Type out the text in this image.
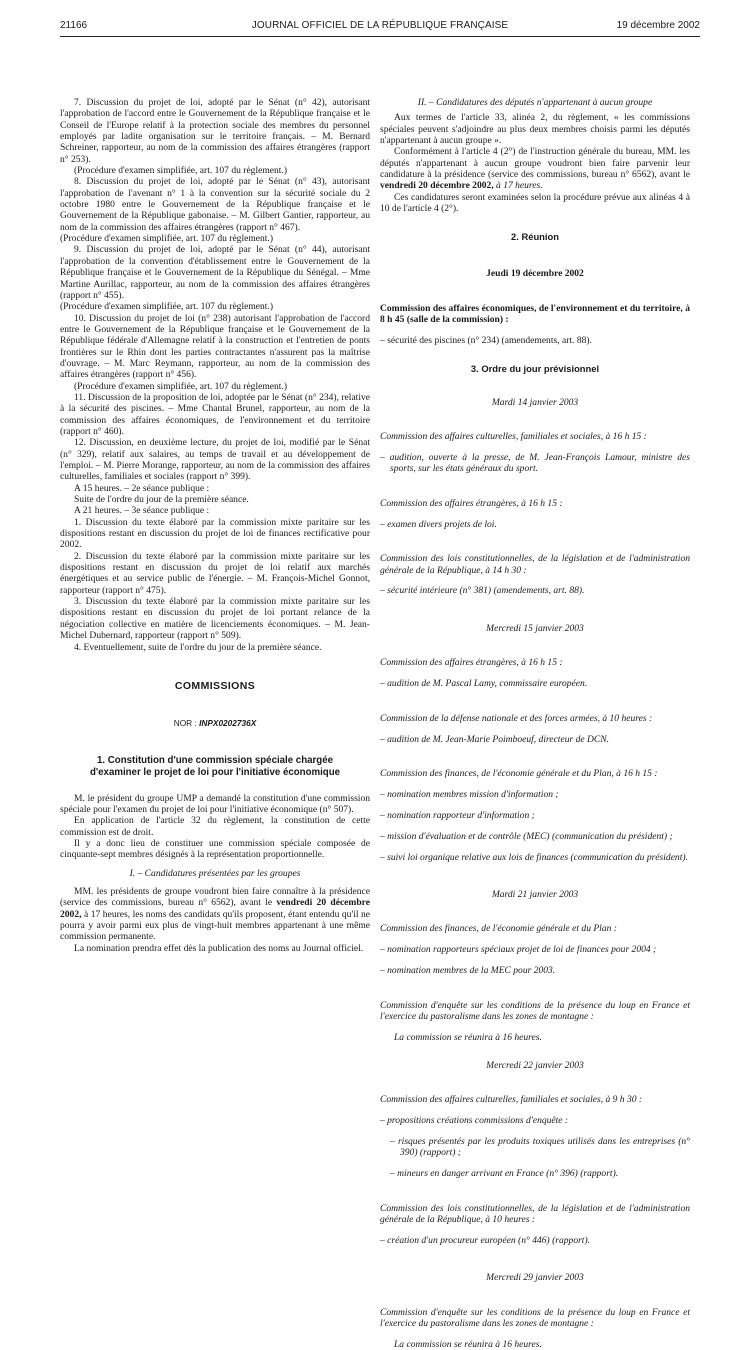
21166	JOURNAL OFFICIEL DE LA RÉPUBLIQUE FRANÇAISE	19 décembre 2002

7. Discussion du projet de loi, adopté par le Sénat (n° 42), autorisant l'approbation de l'accord entre le Gouvernement de la République française et le Conseil de l'Europe relatif à la protection sociale des membres du personnel employés par ladite organisation sur le territoire français. – M. Bernard Schreiner, rapporteur, au nom de la commission des affaires étrangères (rapport n° 253).

(Procédure d'examen simplifiée, art. 107 du règlement.)

8. Discussion du projet de loi, adopté par le Sénat (n° 43), autorisant l'approbation de l'avenant n° 1 à la convention sur la sécurité sociale du 2 octobre 1980 entre le Gouvernement de la République française et le Gouvernement de la République gabonaise. – M. Gilbert Gantier, rapporteur, au nom de la commission des affaires étrangères (rapport n° 467).

(Procédure d'examen simplifiée, art. 107 du règlement.)

9. Discussion du projet de loi, adopté par le Sénat (n° 44), autorisant l'approbation de la convention d'établissement entre le Gouvernement de la République française et le Gouvernement de la République du Sénégal. – Mme Martine Aurillac, rapporteur, au nom de la commission des affaires étrangères (rapport n° 455).

(Procédure d'examen simplifiée, art. 107 du règlement.)

10. Discussion du projet de loi (n° 238) autorisant l'approbation de l'accord entre le Gouvernement de la République française et le Gouvernement de la République fédérale d'Allemagne relatif à la construction et l'entretien de ponts frontières sur le Rhin dont les parties contractantes n'assurent pas la maîtrise d'ouvrage. – M. Marc Reymann, rapporteur, au nom de la commission des affaires étrangères (rapport n° 456).

(Procédure d'examen simplifiée, art. 107 du règlement.)

11. Discussion de la proposition de loi, adoptée par le Sénat (n° 234), relative à la sécurité des piscines. – Mme Chantal Brunel, rapporteur, au nom de la commission des affaires économiques, de l'environnement et du territoire (rapport n° 460).

12. Discussion, en deuxième lecture, du projet de loi, modifié par le Sénat (n° 329), relatif aux salaires, au temps de travail et au développement de l'emploi. – M. Pierre Morange, rapporteur, au nom de la commission des affaires culturelles, familiales et sociales (rapport n° 399).

A 15 heures. – 2e séance publique :

Suite de l'ordre du jour de la première séance.

A 21 heures. – 3e séance publique :

1. Discussion du texte élaboré par la commission mixte paritaire sur les dispositions restant en discussion du projet de loi de finances rectificative pour 2002.

2. Discussion du texte élaboré par la commission mixte paritaire sur les dispositions restant en discussion du projet de loi relatif aux marchés énergétiques et au service public de l'énergie. – M. François-Michel Gonnot, rapporteur (rapport n° 475).

3. Discussion du texte élaboré par la commission mixte paritaire sur les dispositions restant en discussion du projet de loi portant relance de la négociation collective en matière de licenciements économiques. – M. Jean-Michel Dubernard, rapporteur (rapport n° 509).

4. Eventuellement, suite de l'ordre du jour de la première séance.

COMMISSIONS

NOR : INPX0202736X

1. Constitution d'une commission spéciale chargée
d'examiner le projet de loi pour l'initiative économique

M. le président du groupe UMP a demandé la constitution d'une commission spéciale pour l'examen du projet de loi pour l'initiative économique (n° 507).

En application de l'article 32 du règlement, la constitution de cette commission est de droit.

Il y a donc lieu de constituer une commission spéciale composée de cinquante-sept membres désignés à la représentation proportionnelle.

I. – Candidatures présentées par les groupes

MM. les présidents de groupe voudront bien faire connaître à la présidence (service des commissions, bureau n° 6562), avant le vendredi 20 décembre 2002, à 17 heures, les noms des candidats qu'ils proposent, étant entendu qu'il ne pourra y avoir parmi eux plus de vingt-huit membres appartenant à une même commission permanente.

La nomination prendra effet dès la publication des noms au Journal officiel.

II. – Candidatures des députés n'appartenant à aucun groupe

Aux termes de l'article 33, alinéa 2, du règlement, « les commissions spéciales peuvent s'adjoindre au plus deux membres choisis parmi les députés n'appartenant à aucun groupe ».

Conformément à l'article 4 (2°) de l'instruction générale du bureau, MM. les députés n'appartenant à aucun groupe voudront bien faire parvenir leur candidature à la présidence (service des commissions, bureau n° 6562), avant le vendredi 20 décembre 2002, à 17 heures.

Ces candidatures seront examinées selon la procédure prévue aux alinéas 4 à 10 de l'article 4 (2°).

2. Réunion

Jeudi 19 décembre 2002

Commission des affaires économiques, de l'environnement et du territoire, à 8 h 45 (salle de la commission) :

– sécurité des piscines (n° 234) (amendements, art. 88).

3. Ordre du jour prévisionnel

Mardi 14 janvier 2003

Commission des affaires culturelles, familiales et sociales, à 16 h 15 :

– audition, ouverte à la presse, de M. Jean-François Lamour, ministre des sports, sur les états généraux du sport.

Commission des affaires étrangères, à 16 h 15 :

– examen divers projets de loi.

Commission des lois constitutionnelles, de la législation et de l'administration générale de la République, à 14 h 30 :

– sécurité intérieure (n° 381) (amendements, art. 88).

Mercredi 15 janvier 2003

Commission des affaires étrangères, à 16 h 15 :

– audition de M. Pascal Lamy, commissaire européen.

Commission de la défense nationale et des forces armées, à 10 heures :

– audition de M. Jean-Marie Poimboeuf, directeur de DCN.

Commission des finances, de l'économie générale et du Plan, à 16 h 15 :

– nomination membres mission d'information ;

– nomination rapporteur d'information ;

– mission d'évaluation et de contrôle (MEC) (communication du président) ;

– suivi loi organique relative aux lois de finances (communication du président).

Mardi 21 janvier 2003

Commission des finances, de l'économie générale et du Plan :

– nomination rapporteurs spéciaux projet de loi de finances pour 2004 ;

– nomination membres de la MEC pour 2003.

Commission d'enquête sur les conditions de la présence du loup en France et l'exercice du pastoralisme dans les zones de montagne :

La commission se réunira à 16 heures.

Mercredi 22 janvier 2003

Commission des affaires culturelles, familiales et sociales, à 9 h 30 :

– propositions créations commissions d'enquête :

– risques présentés par les produits toxiques utilisés dans les entreprises (n° 390) (rapport) ;

– mineurs en danger arrivant en France (n° 396) (rapport).

Commission des lois constitutionnelles, de la législation et de l'administration générale de la République, à 10 heures :

– création d'un procureur européen (n° 446) (rapport).

Mercredi 29 janvier 2003

Commission d'enquête sur les conditions de la présence du loup en France et l'exercice du pastoralisme dans les zones de montagne :

La commission se réunira à 16 heures.
